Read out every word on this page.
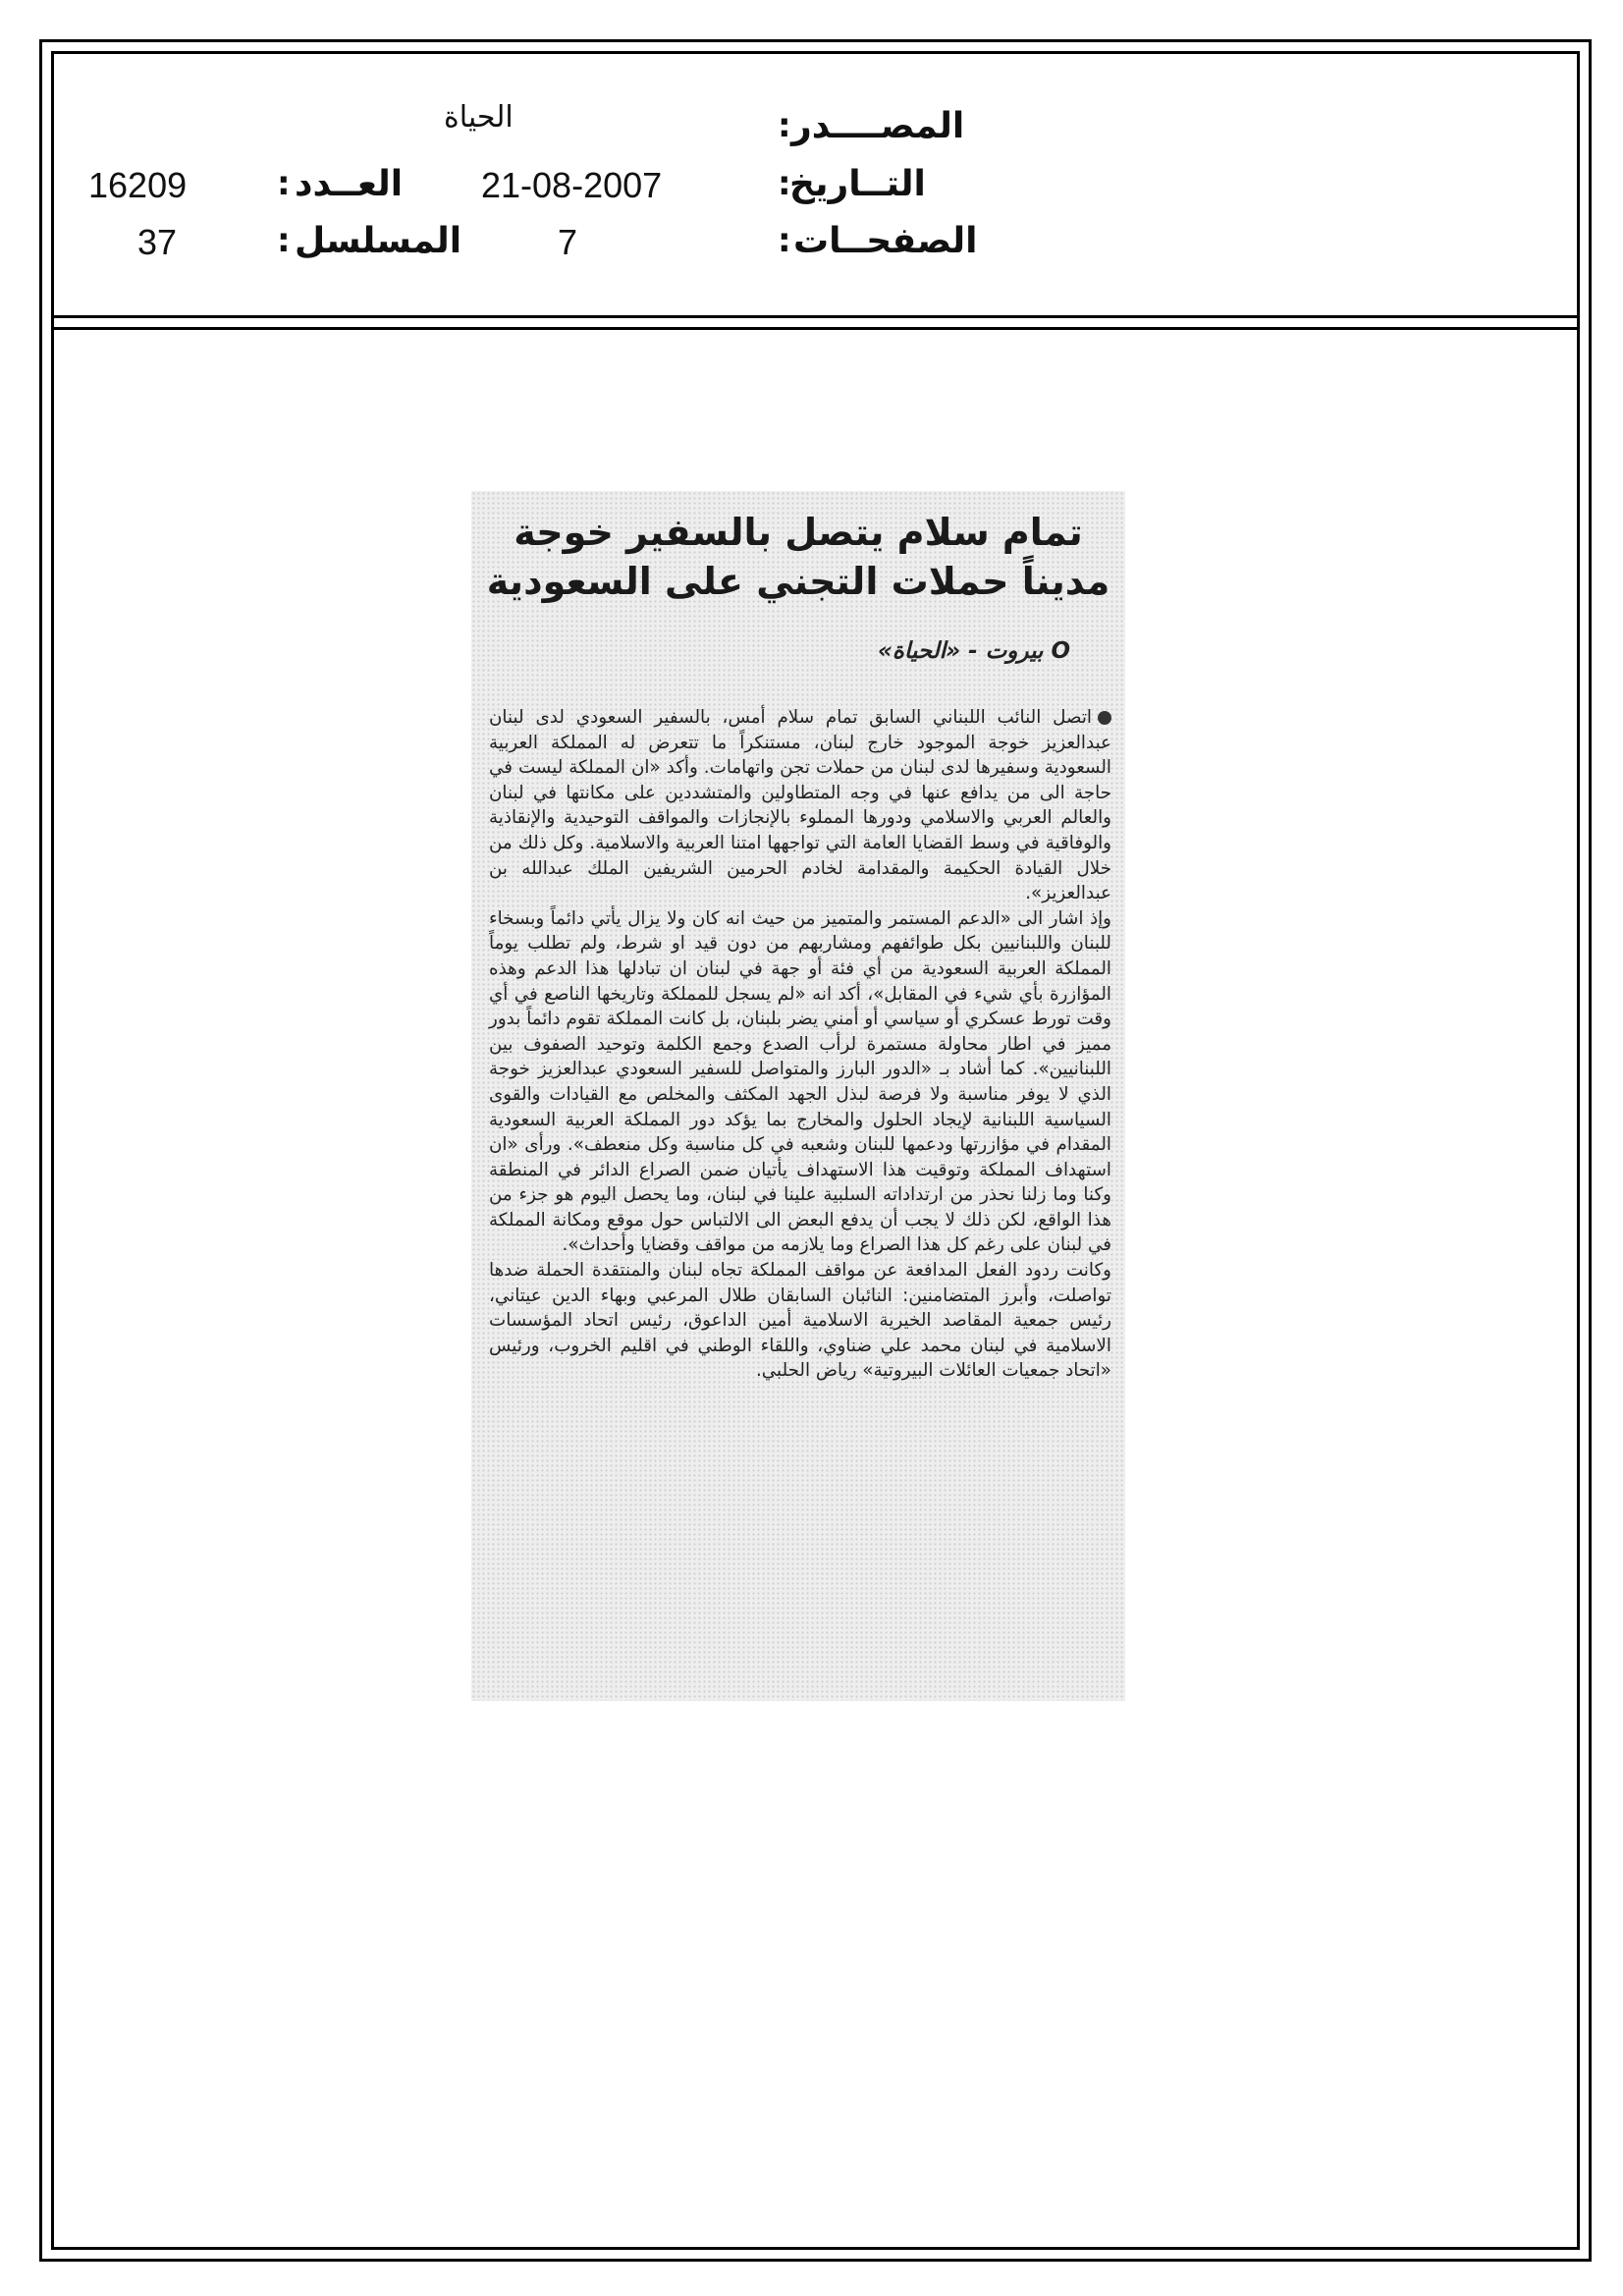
المصــــدر
:
الحياة
التــاريخ
:
21-08-2007
العــدد
:
16209
الصفحــات
:
7
المسلسل
:
37
تمام سلام يتصل بالسفير خوجة
مديناً حملات التجني على السعودية
O بيروت - «الحياة»

اتصل النائب اللبناني السابق تمام سلام أمس، بالسفير السعودي لدى لبنان عبدالعزيز خوجة الموجود خارج لبنان، مستنكراً ما تتعرض له المملكة العربية السعودية وسفيرها لدى لبنان من حملات تجن واتهامات. وأكد «ان المملكة ليست في حاجة الى من يدافع عنها في وجه المتطاولين والمتشددين على مكانتها في لبنان والعالم العربي والاسلامي ودورها المملوء بالإنجازات والمواقف التوحيدية والإنقاذية والوفاقية في وسط القضايا العامة التي تواجهها امتنا العربية والاسلامية. وكل ذلك من خلال القيادة الحكيمة والمقدامة لخادم الحرمين الشريفين الملك عبدالله بن عبدالعزيز».

وإذ اشار الى «الدعم المستمر والمتميز من حيث انه كان ولا يزال يأتي دائماً وبسخاء للبنان واللبنانيين بكل طوائفهم ومشاربهم من دون قيد او شرط، ولم تطلب يوماً المملكة العربية السعودية من أي فئة أو جهة في لبنان ان تبادلها هذا الدعم وهذه المؤازرة بأي شيء في المقابل»، أكد انه «لم يسجل للمملكة وتاريخها الناصع في أي وقت تورط عسكري أو سياسي أو أمني يضر بلبنان، بل كانت المملكة تقوم دائماً بدور مميز في اطار محاولة مستمرة لرأب الصدع وجمع الكلمة وتوحيد الصفوف بين اللبنانيين». كما أشاد بـ «الدور البارز والمتواصل للسفير السعودي عبدالعزيز خوجة الذي لا يوفر مناسبة ولا فرصة لبذل الجهد المكثف والمخلص مع القيادات والقوى السياسية اللبنانية لإيجاد الحلول والمخارج بما يؤكد دور المملكة العربية السعودية المقدام في مؤازرتها ودعمها للبنان وشعبه في كل مناسبة وكل منعطف». ورأى «ان استهداف المملكة وتوقيت هذا الاستهداف يأتيان ضمن الصراع الدائر في المنطقة وكنا وما زلنا نحذر من ارتداداته السلبية علينا في لبنان، وما يحصل اليوم هو جزء من هذا الواقع، لكن ذلك لا يجب أن يدفع البعض الى الالتباس حول موقع ومكانة المملكة في لبنان على رغم كل هذا الصراع وما يلازمه من مواقف وقضايا وأحداث».

وكانت ردود الفعل المدافعة عن مواقف المملكة تجاه لبنان والمنتقدة الحملة ضدها تواصلت، وأبرز المتضامنين: النائبان السابقان طلال المرعبي وبهاء الدين عيتاني، رئيس جمعية المقاصد الخيرية الاسلامية أمين الداعوق، رئيس اتحاد المؤسسات الاسلامية في لبنان محمد علي ضناوي، واللقاء الوطني في اقليم الخروب، ورئيس «اتحاد جمعيات العائلات البيروتية» رياض الحلبي.
